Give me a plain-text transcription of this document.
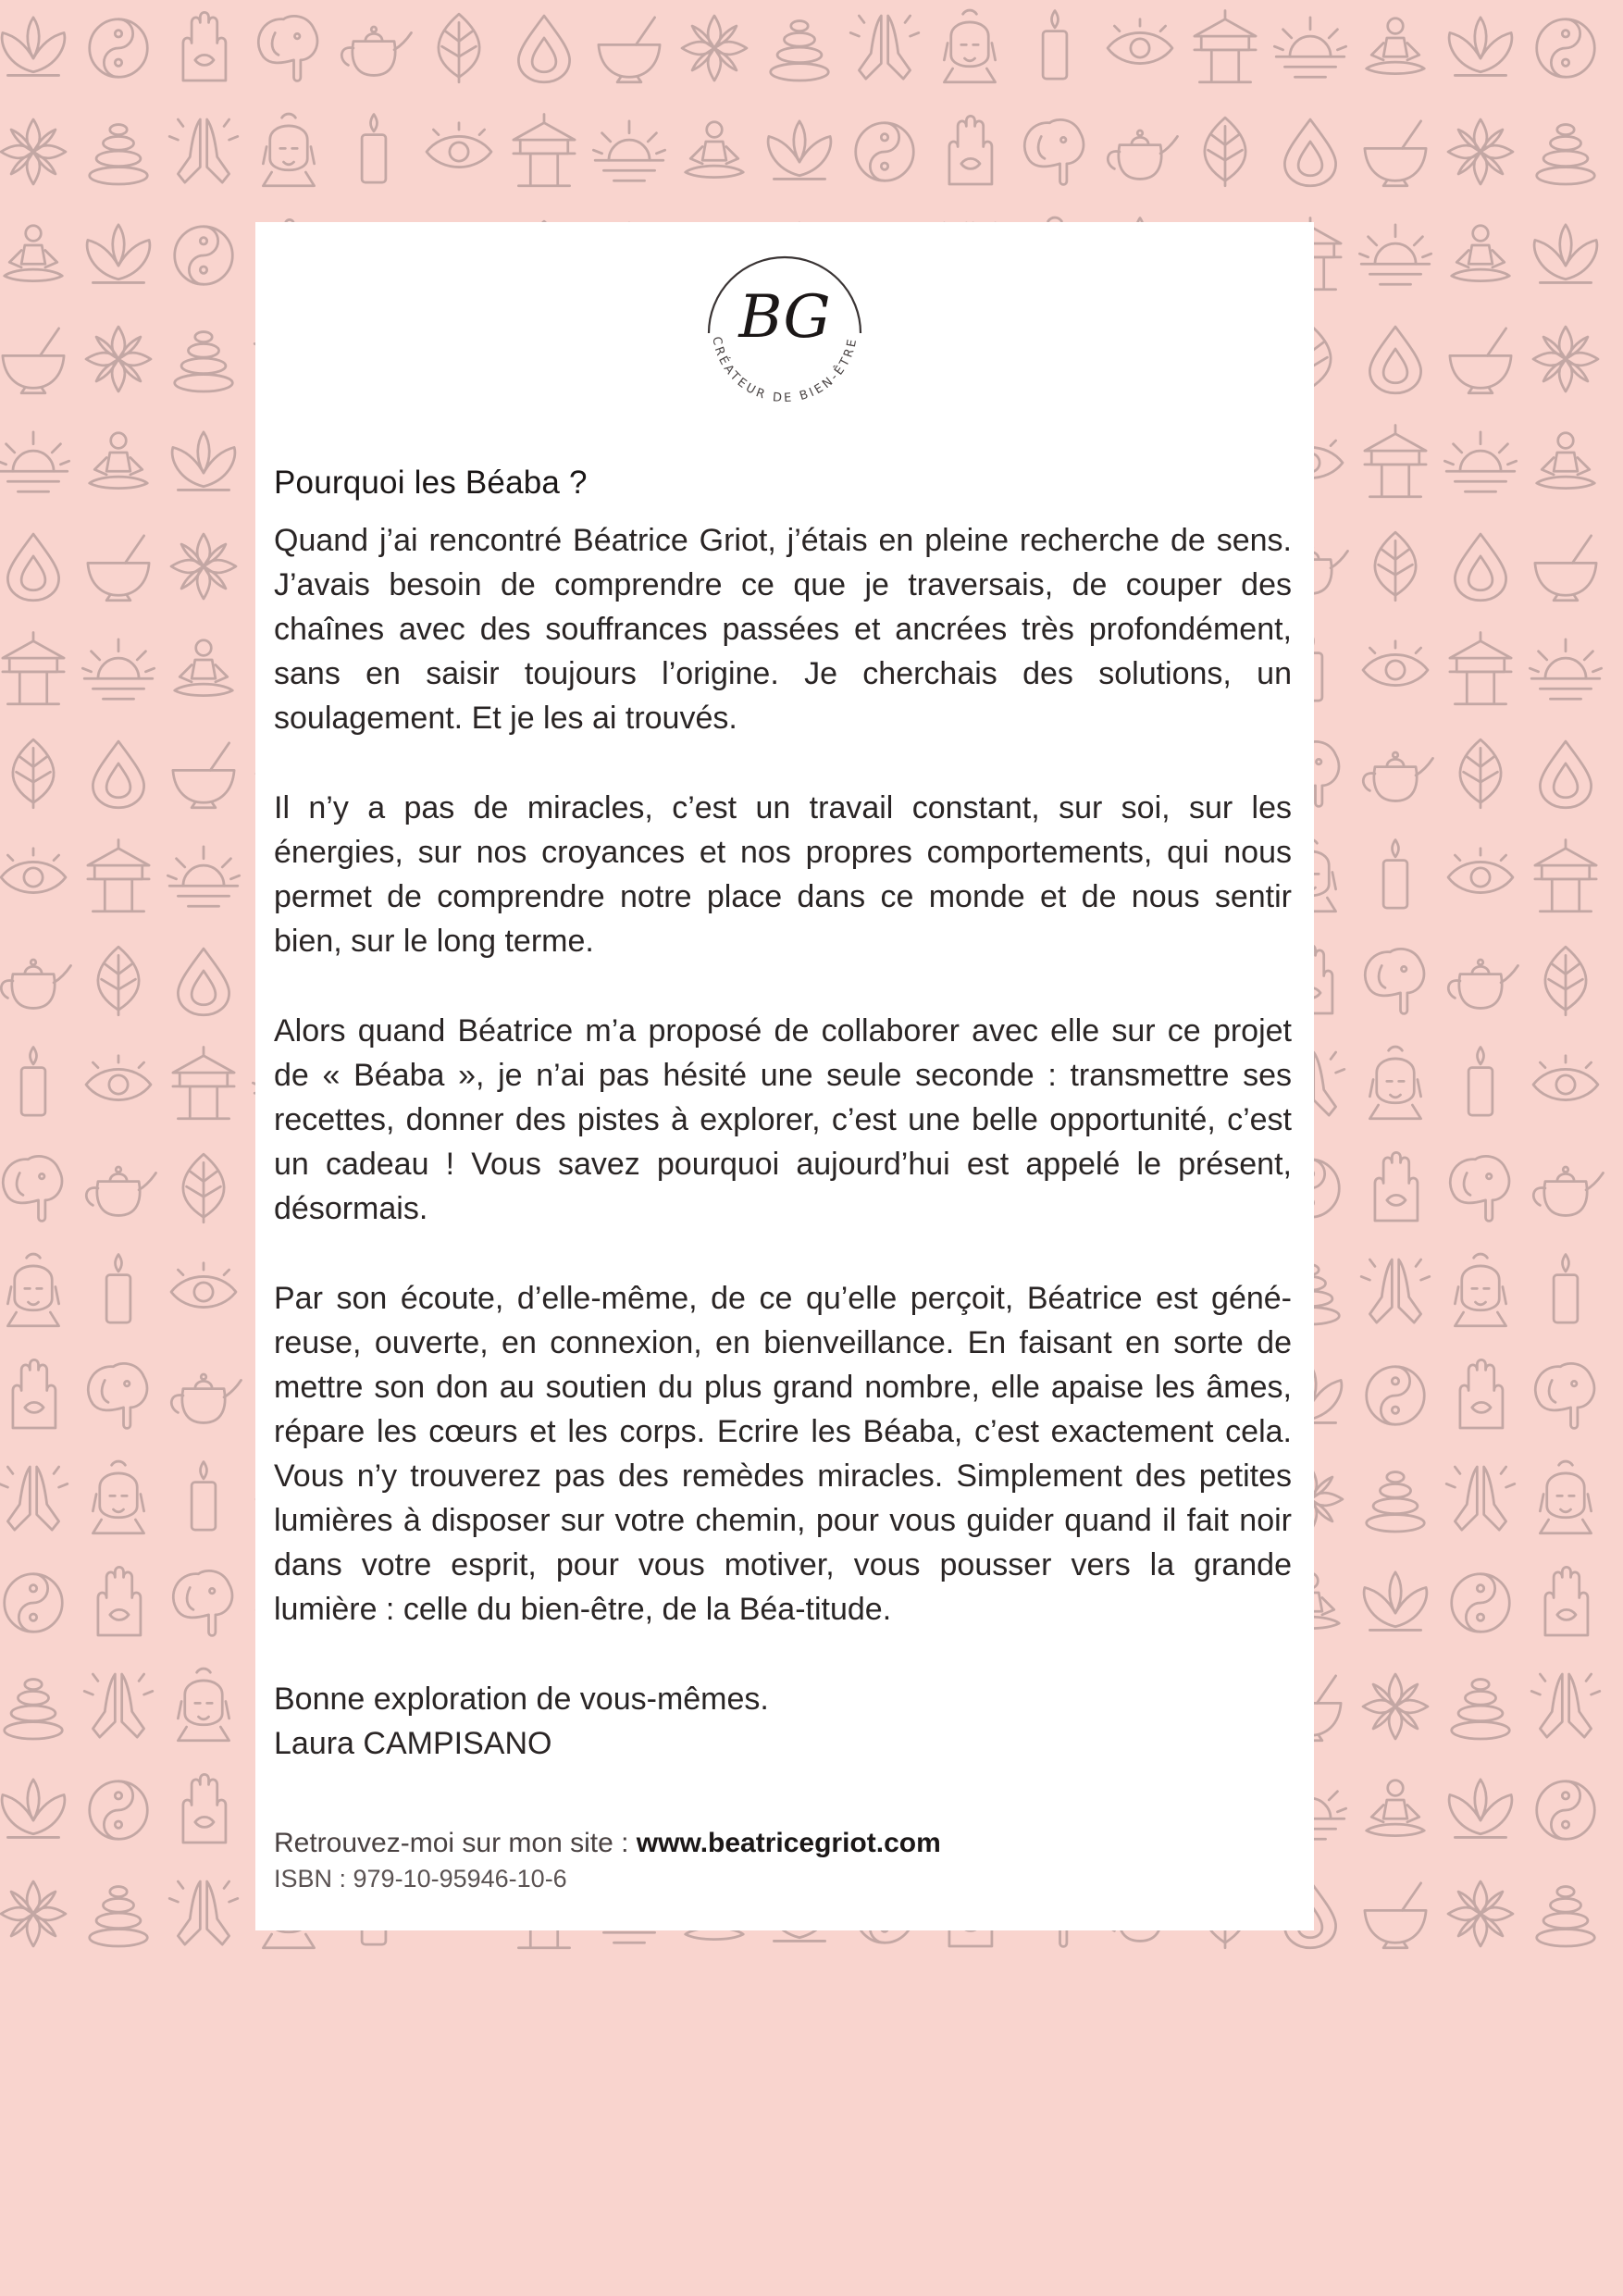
BG
CRÉATEUR DE BIEN-ÊTRE
Pourquoi les Béaba ?

Quand j’ai rencontré Béatrice Griot, j’étais en pleine recherche de sens. J’avais besoin de comprendre ce que je traversais, de couper des chaînes avec des souffrances passées et ancrées très profondément, sans en saisir toujours l’origine. Je cherchais des solutions, un soulagement. Et je les ai trouvés.

Il n’y a pas de miracles, c’est un travail constant, sur soi, sur les énergies, sur nos croyances et nos propres comportements, qui nous permet de comprendre notre place dans ce monde et de nous sentir bien, sur le long terme.

Alors quand Béatrice m’a proposé de collaborer avec elle sur ce projet de « Béaba », je n’ai pas hésité une seule seconde : transmettre ses recettes, donner des pistes à explorer, c’est une belle opportunité, c’est un cadeau ! Vous savez pourquoi aujourd’hui est appelé le présent, désormais.

Par son écoute, d’elle-même, de ce qu’elle perçoit, Béatrice est géné-reuse, ouverte, en connexion, en bienveillance. En faisant en sorte de mettre son don au soutien du plus grand nombre, elle apaise les âmes, répare les cœurs et les corps. Ecrire les Béaba, c’est exactement cela. Vous n’y trouverez pas des remèdes miracles. Simplement des petites lumières à disposer sur votre chemin, pour vous guider quand il fait noir dans votre esprit, pour vous motiver, vous pousser vers la grande lumière : celle du bien-être, de la Béa-titude.

Bonne exploration de vous-mêmes.
Laura CAMPISANO

Retrouvez-moi sur mon site : www.beatricegriot.com
ISBN : 979-10-95946-10-6
